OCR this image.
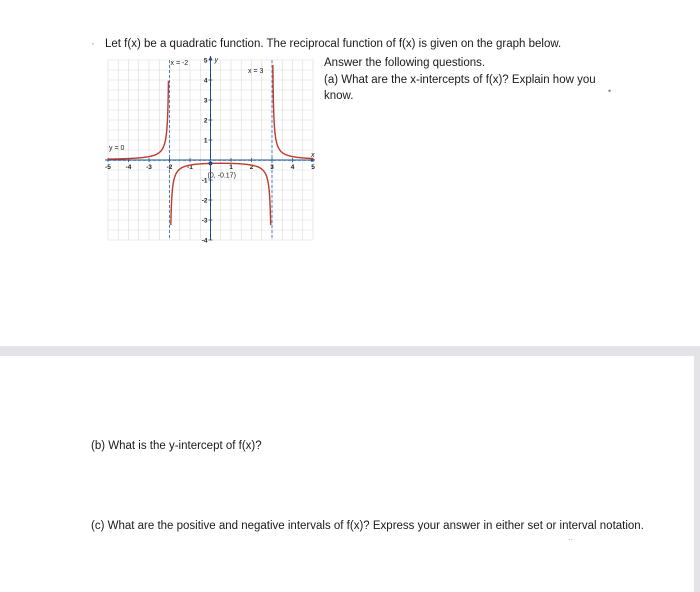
· Let f(x) be a quadratic function. The reciprocal function of f(x) is given on the graph below.
Answer the following questions.
(a) What are the x-intercepts of f(x)? Explain how you
know.	•
x
y
-5 -4 -3 -2 -1	1	2	3	4	5
5
4
3
2
1
-1
-2
-3
-4
x = -2
x = 3
y = 0
(0, -0.17)
(b) What is the y-intercept of f(x)?
(c) What are the positive and negative intervals of f(x)? Express your answer in either set or interval notation.
..
